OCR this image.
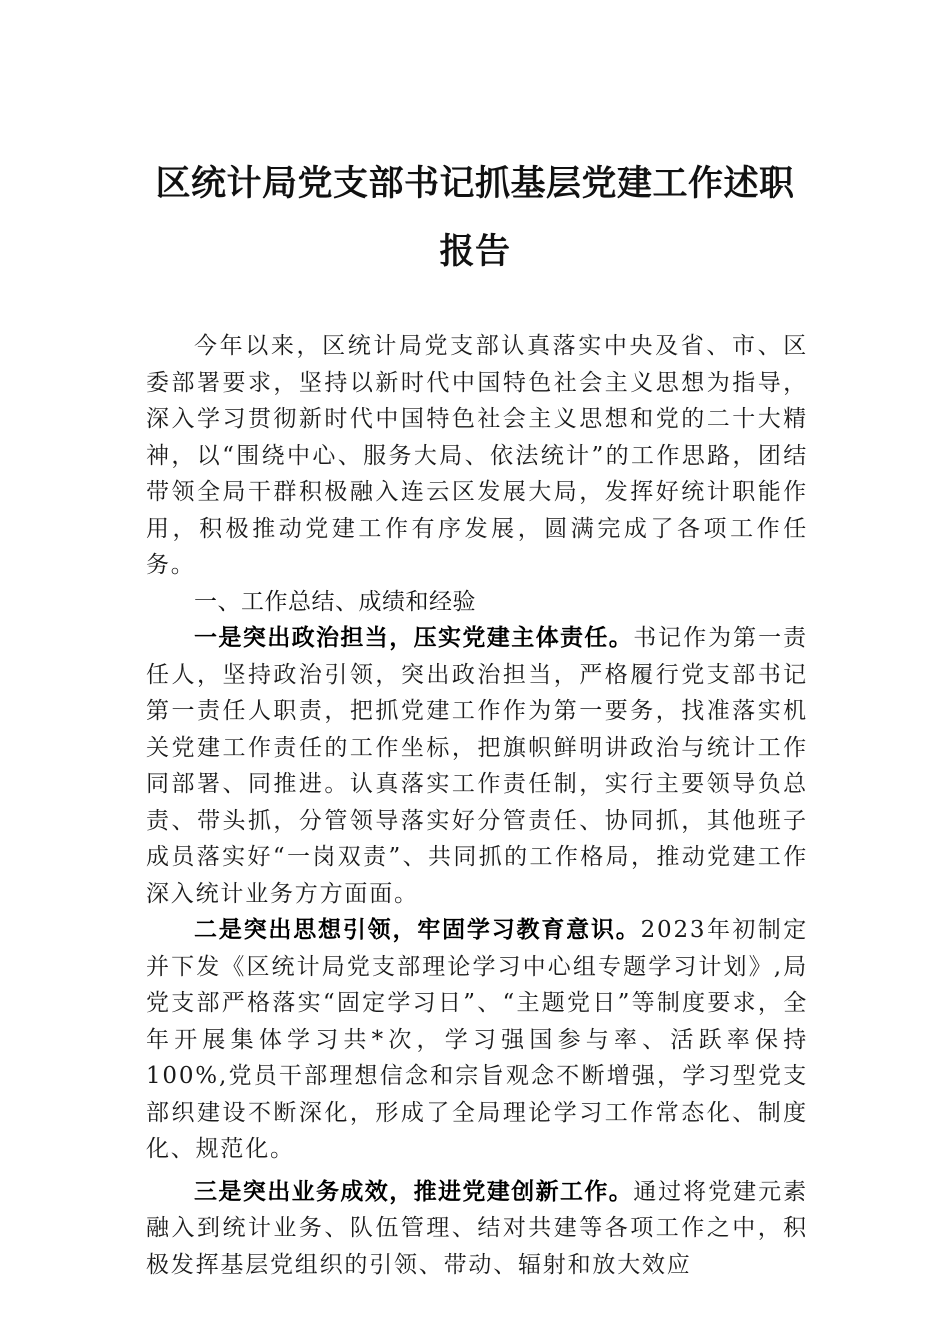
区统计局党支部书记抓基层党建工作述职
报告

今年以来，区统计局党支部认真落实中央及省、市、区委部署要求，坚持以新时代中国特色社会主义思想为指导，深入学习贯彻新时代中国特色社会主义思想和党的二十大精神，以“围绕中心、服务大局、依法统计”的工作思路，团结带领全局干群积极融入连云区发展大局，发挥好统计职能作用，积极推动党建工作有序发展，圆满完成了各项工作任务。

一、工作总结、成绩和经验

一是突出政治担当，压实党建主体责任。书记作为第一责任人，坚持政治引领，突出政治担当，严格履行党支部书记第一责任人职责，把抓党建工作作为第一要务，找准落实机关党建工作责任的工作坐标，把旗帜鲜明讲政治与统计工作同部署、同推进。认真落实工作责任制，实行主要领导负总责、带头抓，分管领导落实好分管责任、协同抓，其他班子成员落实好“一岗双责”、共同抓的工作格局，推动党建工作深入统计业务方方面面。

二是突出思想引领，牢固学习教育意识。2023年初制定并下发《区统计局党支部理论学习中心组专题学习计划》,局党支部严格落实“固定学习日”、“主题党日”等制度要求，全年开展集体学习共*次，学习强国参与率、活跃率保持100%,党员干部理想信念和宗旨观念不断增强，学习型党支部织建设不断深化，形成了全局理论学习工作常态化、制度化、规范化。

三是突出业务成效，推进党建创新工作。通过将党建元素融入到统计业务、队伍管理、结对共建等各项工作之中，积极发挥基层党组织的引领、带动、辐射和放大效应
